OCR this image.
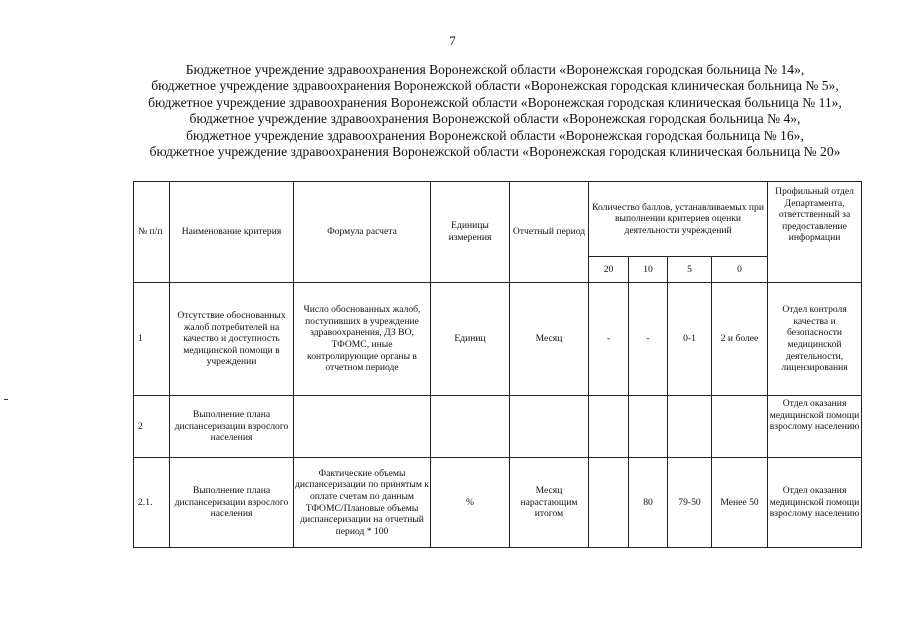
7
Бюджетное учреждение здравоохранения Воронежской области «Воронежская городская больница № 14»,
бюджетное учреждение здравоохранения Воронежской области «Воронежская городская клиническая больница № 5»,
бюджетное учреждение здравоохранения Воронежской области «Воронежская городская клиническая больница № 11»,
бюджетное учреждение здравоохранения Воронежской области «Воронежская городская больница № 4»,
бюджетное учреждение здравоохранения Воронежской области «Воронежская городская больница № 16»,
бюджетное учреждение здравоохранения Воронежской области «Воронежская городская клиническая больница № 20»
№ п/п	Наименование критерия	Формула расчета	Единицы измерения	Отчетный период	Количество баллов, устанавливаемых при выполнении критериев оценки деятельности учреждений				Профильный отдел Департамента, ответственный за предоставление информации
					20	10	5	0	
1	Отсутствие обоснованных жалоб потребителей на качество и доступность медицинской помощи в учреждении	Число обоснованных жалоб, поступивших в учреждение здравоохранения, ДЗ ВО, ТФОМС, иные контролирующие органы в отчетном периоде	Единиц	Месяц	-	-	0-1	2 и более	Отдел контроля качества и безопасности медицинской деятельности, лицензирования
2	Выполнение плана диспансеризации взрослого населения								Отдел оказания медицинской помощи взрослому населению
2.1.	Выполнение плана диспансеризации взрослого населения	Фактические объемы диспансеризации по принятым к оплате счетам по данным ТФОМС/Плановые объемы диспансеризации на отчетный период * 100	%	Месяц нарастающим итогом		80	79-50	Менее 50	Отдел оказания медицинской помощи взрослому населению
